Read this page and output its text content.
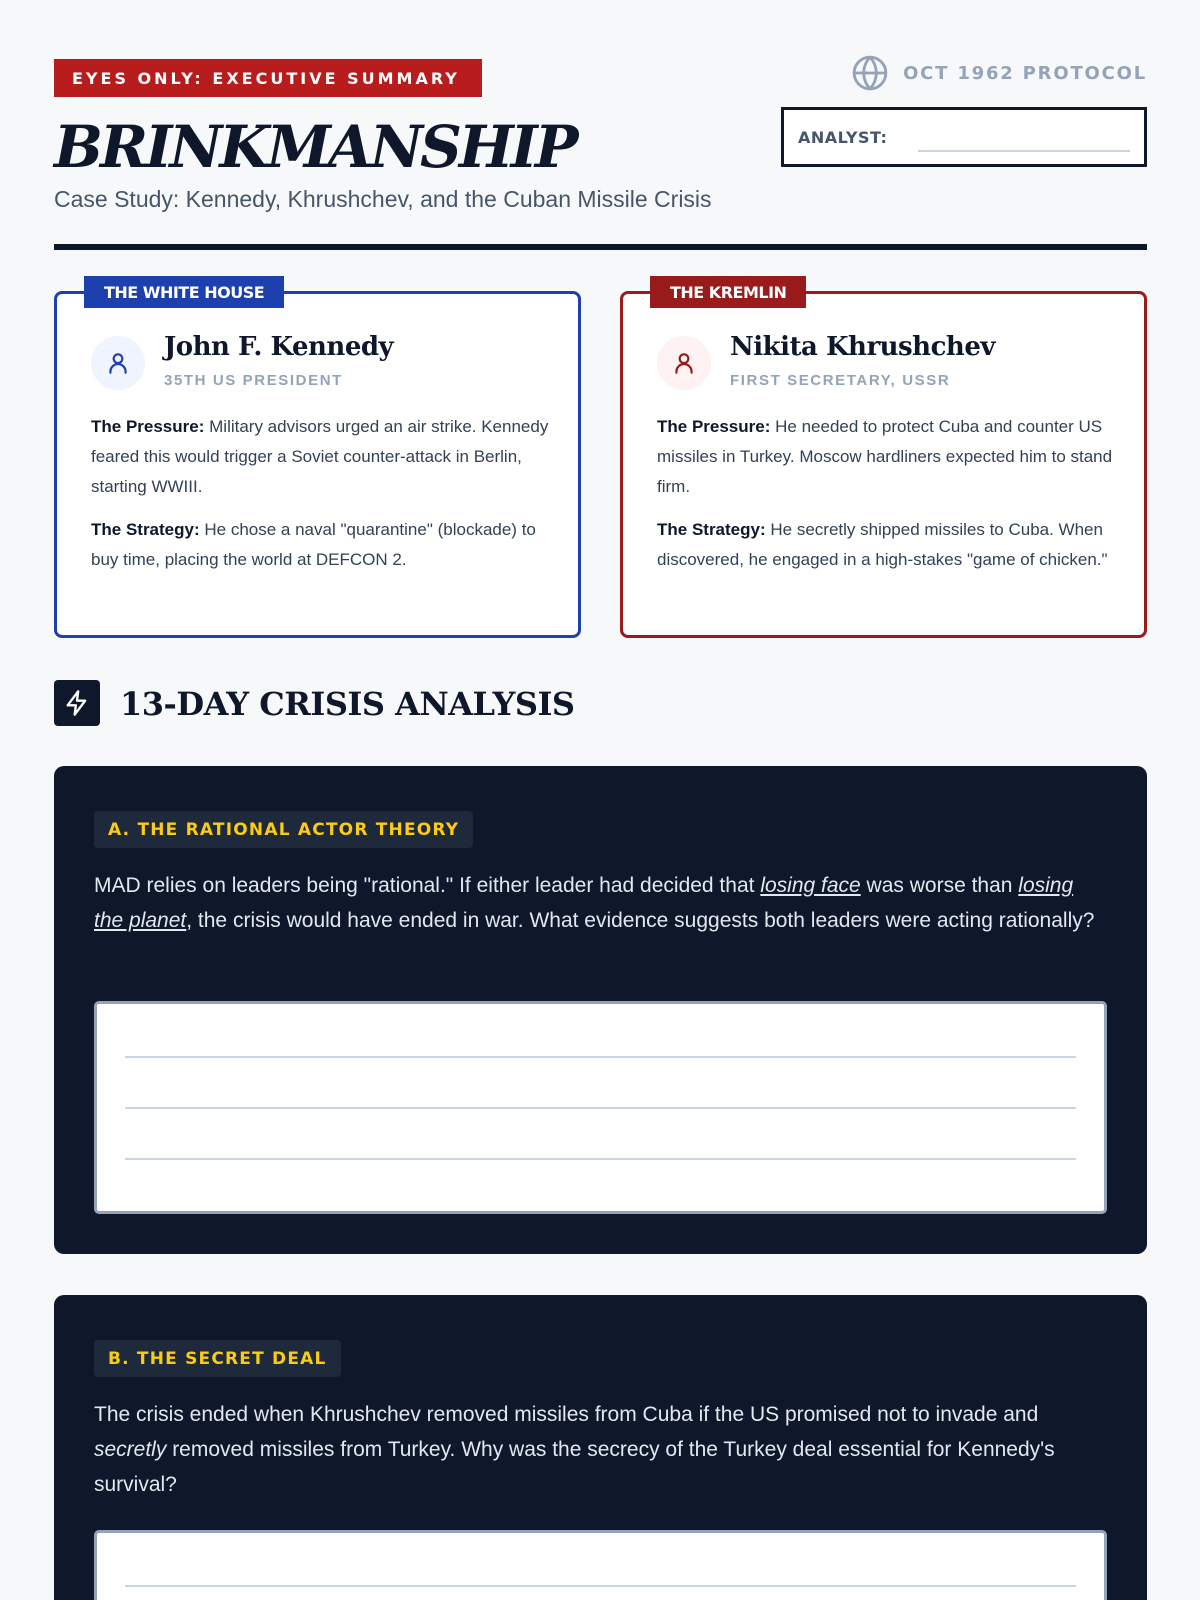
EYES ONLY: EXECUTIVE SUMMARY	OCT 1962 PROTOCOL
BRINKMANSHIP	ANALYST:
Case Study: Kennedy, Khrushchev, and the Cuban Missile Crisis
THE WHITE HOUSE
John F. Kennedy
35TH US PRESIDENT
The Pressure: Military advisors urged an air strike. Kennedy feared this would trigger a Soviet counter-attack in Berlin, starting WWIII.
The Strategy: He chose a naval "quarantine" (blockade) to buy time, placing the world at DEFCON 2.
THE KREMLIN
Nikita Khrushchev
FIRST SECRETARY, USSR
The Pressure: He needed to protect Cuba and counter US missiles in Turkey. Moscow hardliners expected him to stand firm.
The Strategy: He secretly shipped missiles to Cuba. When discovered, he engaged in a high-stakes "game of chicken."
13-DAY CRISIS ANALYSIS
A. THE RATIONAL ACTOR THEORY
MAD relies on leaders being "rational." If either leader had decided that losing face was worse than losing the planet, the crisis would have ended in war. What evidence suggests both leaders were acting rationally?
B. THE SECRET DEAL
The crisis ended when Khrushchev removed missiles from Cuba if the US promised not to invade and secretly removed missiles from Turkey. Why was the secrecy of the Turkey deal essential for Kennedy's survival?
